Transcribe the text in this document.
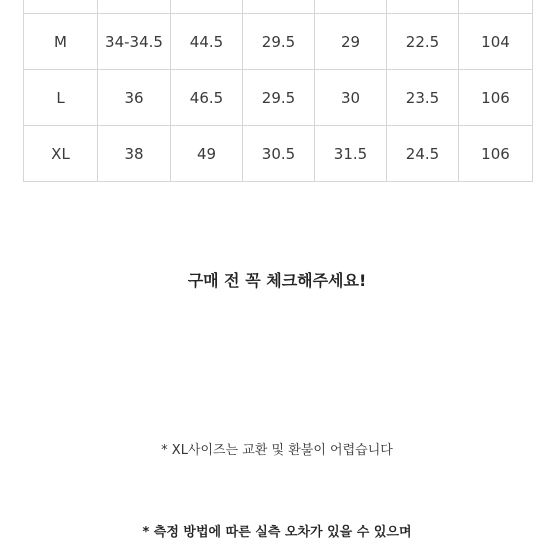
M	34-34.5	44.5	29.5	29	22.5	104
L	36	46.5	29.5	30	23.5	106
XL	38	49	30.5	31.5	24.5	106
구매 전 꼭 체크해주세요!
* XL사이즈는 교환 및 환불이 어렵습니다
* 측정 방법에 따른 실측 오차가 있을 수 있으며
